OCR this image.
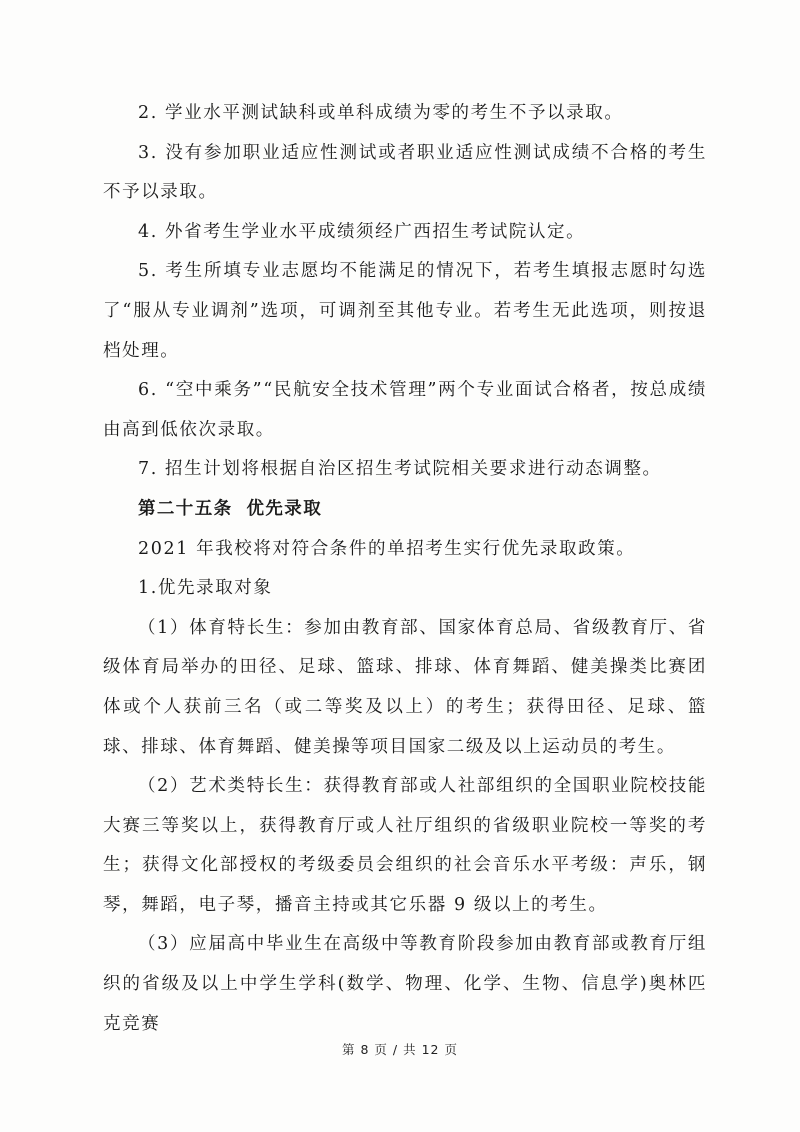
2. 学业水平测试缺科或单科成绩为零的考生不予以录取。

3. 没有参加职业适应性测试或者职业适应性测试成绩不合格的考生不予以录取。

4. 外省考生学业水平成绩须经广西招生考试院认定。

5. 考生所填专业志愿均不能满足的情况下，若考生填报志愿时勾选了“服从专业调剂”选项，可调剂至其他专业。若考生无此选项，则按退档处理。

6. “空中乘务”“民航安全技术管理”两个专业面试合格者，按总成绩由高到低依次录取。

7. 招生计划将根据自治区招生考试院相关要求进行动态调整。

第二十五条 优先录取

2021 年我校将对符合条件的单招考生实行优先录取政策。

1.优先录取对象

（1）体育特长生：参加由教育部、国家体育总局、省级教育厅、省级体育局举办的田径、足球、篮球、排球、体育舞蹈、健美操类比赛团体或个人获前三名（或二等奖及以上）的考生；获得田径、足球、篮球、排球、体育舞蹈、健美操等项目国家二级及以上运动员的考生。

（2）艺术类特长生：获得教育部或人社部组织的全国职业院校技能大赛三等奖以上，获得教育厅或人社厅组织的省级职业院校一等奖的考生；获得文化部授权的考级委员会组织的社会音乐水平考级：声乐，钢琴，舞蹈，电子琴，播音主持或其它乐器 9 级以上的考生。

（3）应届高中毕业生在高级中等教育阶段参加由教育部或教育厅组织的省级及以上中学生学科(数学、物理、化学、生物、信息学)奥林匹克竞赛

第 8 页 / 共 12 页
